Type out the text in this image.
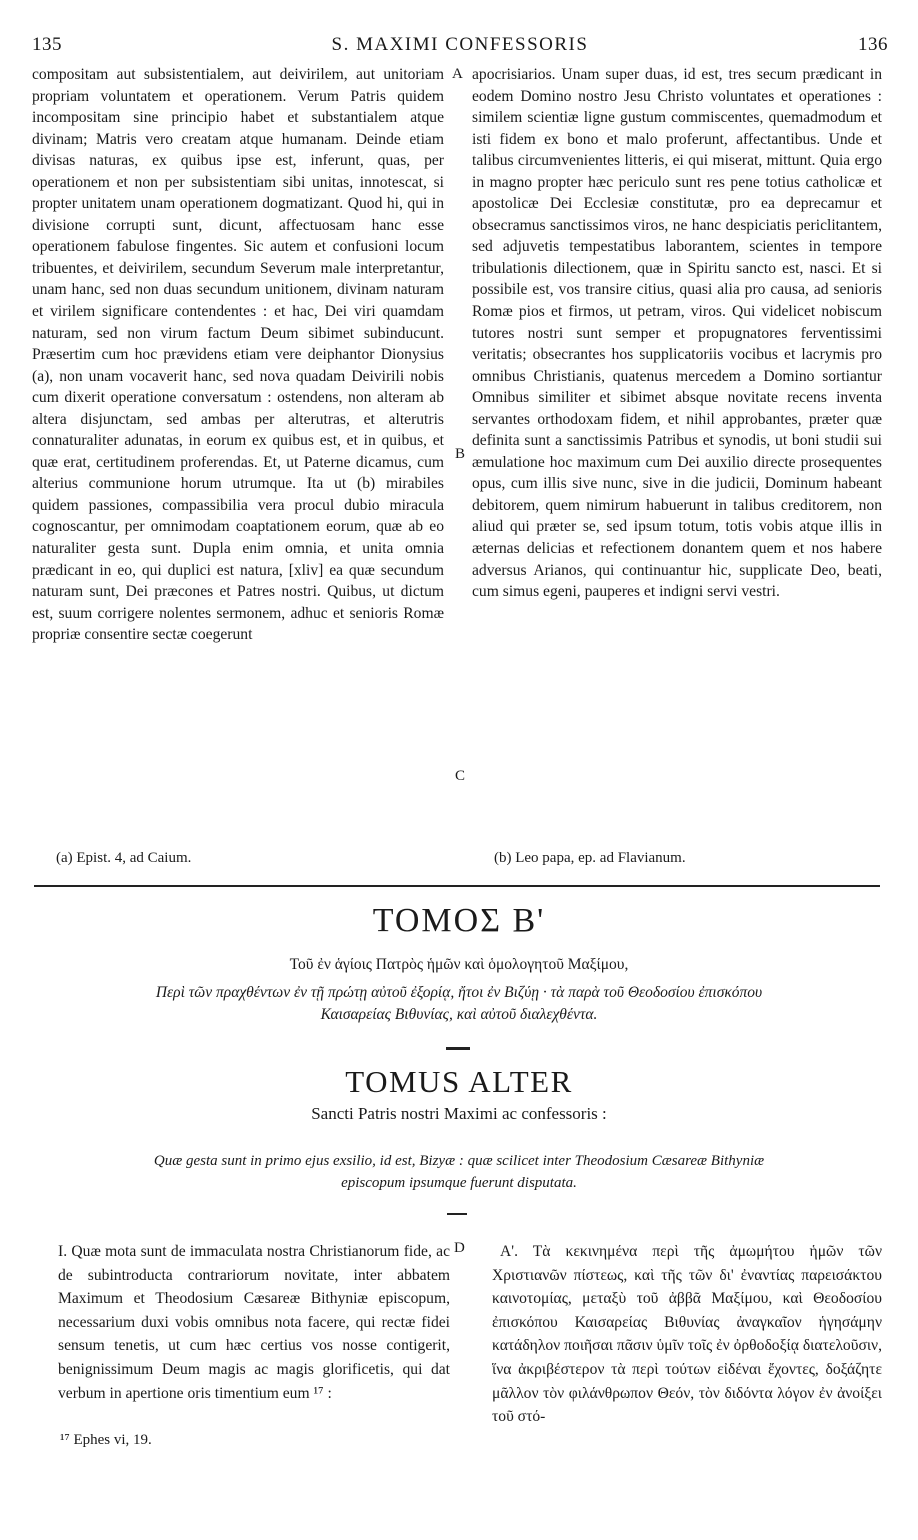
135	S. MAXIMI CONFESSORIS	136

compositam aut subsistentialem, aut deivirilem, aut unitoriam propriam voluntatem et operationem. Verum Patris quidem incompositam sine principio habet et substantialem atque divinam; Matris vero creatam atque humanam. Deinde etiam divisas naturas, ex quibus ipse est, inferunt, quas, per operationem et non per subsistentiam sibi unitas, innotescat, si propter unitatem unam operationem dogmatizant. Quod hi, qui in divisione corrupti sunt, dicunt, affectuosam hanc esse operationem fabulose fingentes. Sic autem et confusioni locum tribuentes, et deivirilem, secundum Severum male interpretantur, unam hanc, sed non duas secundum unitionem, divinam naturam et virilem significare contendentes : et hac, Dei viri quamdam naturam, sed non virum factum Deum sibimet subinducunt. Præsertim cum hoc prævidens etiam vere deiphantor Dionysius (a), non unam vocaverit hanc, sed nova quadam Deivirili nobis cum dixerit operatione conversatum : ostendens, non alteram ab altera disjunctam, sed ambas per alterutras, et alterutris connaturaliter adunatas, in eorum ex quibus est, et in quibus, et quæ erat, certitudinem proferendas. Et, ut Paterne dicamus, cum alterius communione horum utrumque. Ita ut (b) mirabiles quidem passiones, compassibilia vera procul dubio miracula cognoscantur, per omnimodam coaptationem eorum, quæ ab eo naturaliter gesta sunt. Dupla enim omnia, et unita omnia prædicant in eo, qui duplici est natura, [xliv] ea quæ secundum naturam sunt, Dei præcones et Patres nostri. Quibus, ut dictum est, suum corrigere nolentes sermonem, adhuc et senioris Romæ propriæ consentire sectæ coegerunt

A
B
C

apocrisiarios. Unam super duas, id est, tres secum prædicant in eodem Domino nostro Jesu Christo voluntates et operationes : similem scientiæ ligne gustum commiscentes, quemadmodum et isti fidem ex bono et malo proferunt, affectantibus. Unde et talibus circumvenientes litteris, ei qui miserat, mittunt. Quia ergo in magno propter hæc periculo sunt res pene totius catholicæ et apostolicæ Dei Ecclesiæ constitutæ, pro ea deprecamur et obsecramus sanctissimos viros, ne hanc despiciatis periclitantem, sed adjuvetis tempestatibus laborantem, scientes in tempore tribulationis dilectionem, quæ in Spiritu sancto est, nasci. Et si possibile est, vos transire citius, quasi alia pro causa, ad senioris Romæ pios et firmos, ut petram, viros. Qui videlicet nobiscum tutores nostri sunt semper et propugnatores ferventissimi veritatis; obsecrantes hos supplicatoriis vocibus et lacrymis pro omnibus Christianis, quatenus mercedem a Domino sortiantur Omnibus similiter et sibimet absque novitate recens inventa servantes orthodoxam fidem, et nihil approbantes, præter quæ definita sunt a sanctissimis Patribus et synodis, ut boni studii sui æmulatione hoc maximum cum Dei auxilio directe prosequentes opus, cum illis sive nunc, sive in die judicii, Dominum habeant debitorem, quem nimirum habuerunt in talibus creditorem, non aliud qui præter se, sed ipsum totum, totis vobis atque illis in æternas delicias et refectionem donantem quem et nos habere adversus Arianos, qui continuantur hic, supplicate Deo, beati, cum simus egeni, pauperes et indigni servi vestri.

(a) Epist. 4, ad Caium.	(b) Leo papa, ep. ad Flavianum.
ΤΟΜΟΣ Β'
Τοῦ ἐν ἁγίοις Πατρὸς ἡμῶν καὶ ὁμολογητοῦ Μαξίμου,
Περὶ τῶν πραχθέντων ἐν τῇ πρώτῃ αὐτοῦ ἐξορίᾳ, ἤτοι ἐν Βιζύῃ · τὰ παρὰ τοῦ Θεοδοσίου ἐπισκόπου
Καισαρείας Βιθυνίας, καὶ αὐτοῦ διαλεχθέντα.
TOMUS ALTER
Sancti Patris nostri Maximi ac confessoris :
Quæ gesta sunt in primo ejus exsilio, id est, Bizyæ : quæ scilicet inter Theodosium Cæsareæ Bithyniæ
episcopum ipsumque fuerunt disputata.

I. Quæ mota sunt de immaculata nostra Christianorum fide, ac de subintroducta contrariorum novitate, inter abbatem Maximum et Theodosium Cæsareæ Bithyniæ episcopum, necessarium duxi vobis omnibus nota facere, qui rectæ fidei sensum tenetis, ut cum hæc certius vos nosse contigerit, benignissimum Deum magis ac magis glorificetis, qui dat verbum in apertione oris timentium eum ¹⁷ :

D	Α'. Τὰ κεκινημένα περὶ τῆς ἀμωμήτου ἡμῶν τῶν Χριστιανῶν πίστεως, καὶ τῆς τῶν δι' ἐναντίας παρεισάκτου καινοτομίας, μεταξὺ τοῦ ἀββᾶ Μαξίμου, καὶ Θεοδοσίου ἐπισκόπου Καισαρείας Βιθυνίας ἀναγκαῖον ἡγησάμην κατάδηλον ποιῆσαι πᾶσιν ὑμῖν τοῖς ἐν ὀρθοδοξίᾳ διατελοῦσιν, ἵνα ἀκριβέστερον τὰ περὶ τούτων εἰδέναι ἔχοντες, δοξάζητε μᾶλλον τὸν φιλάνθρωπον Θεόν, τὸν διδόντα λόγον ἐν ἀνοίξει τοῦ στό-

¹⁷ Ephes vi, 19.
